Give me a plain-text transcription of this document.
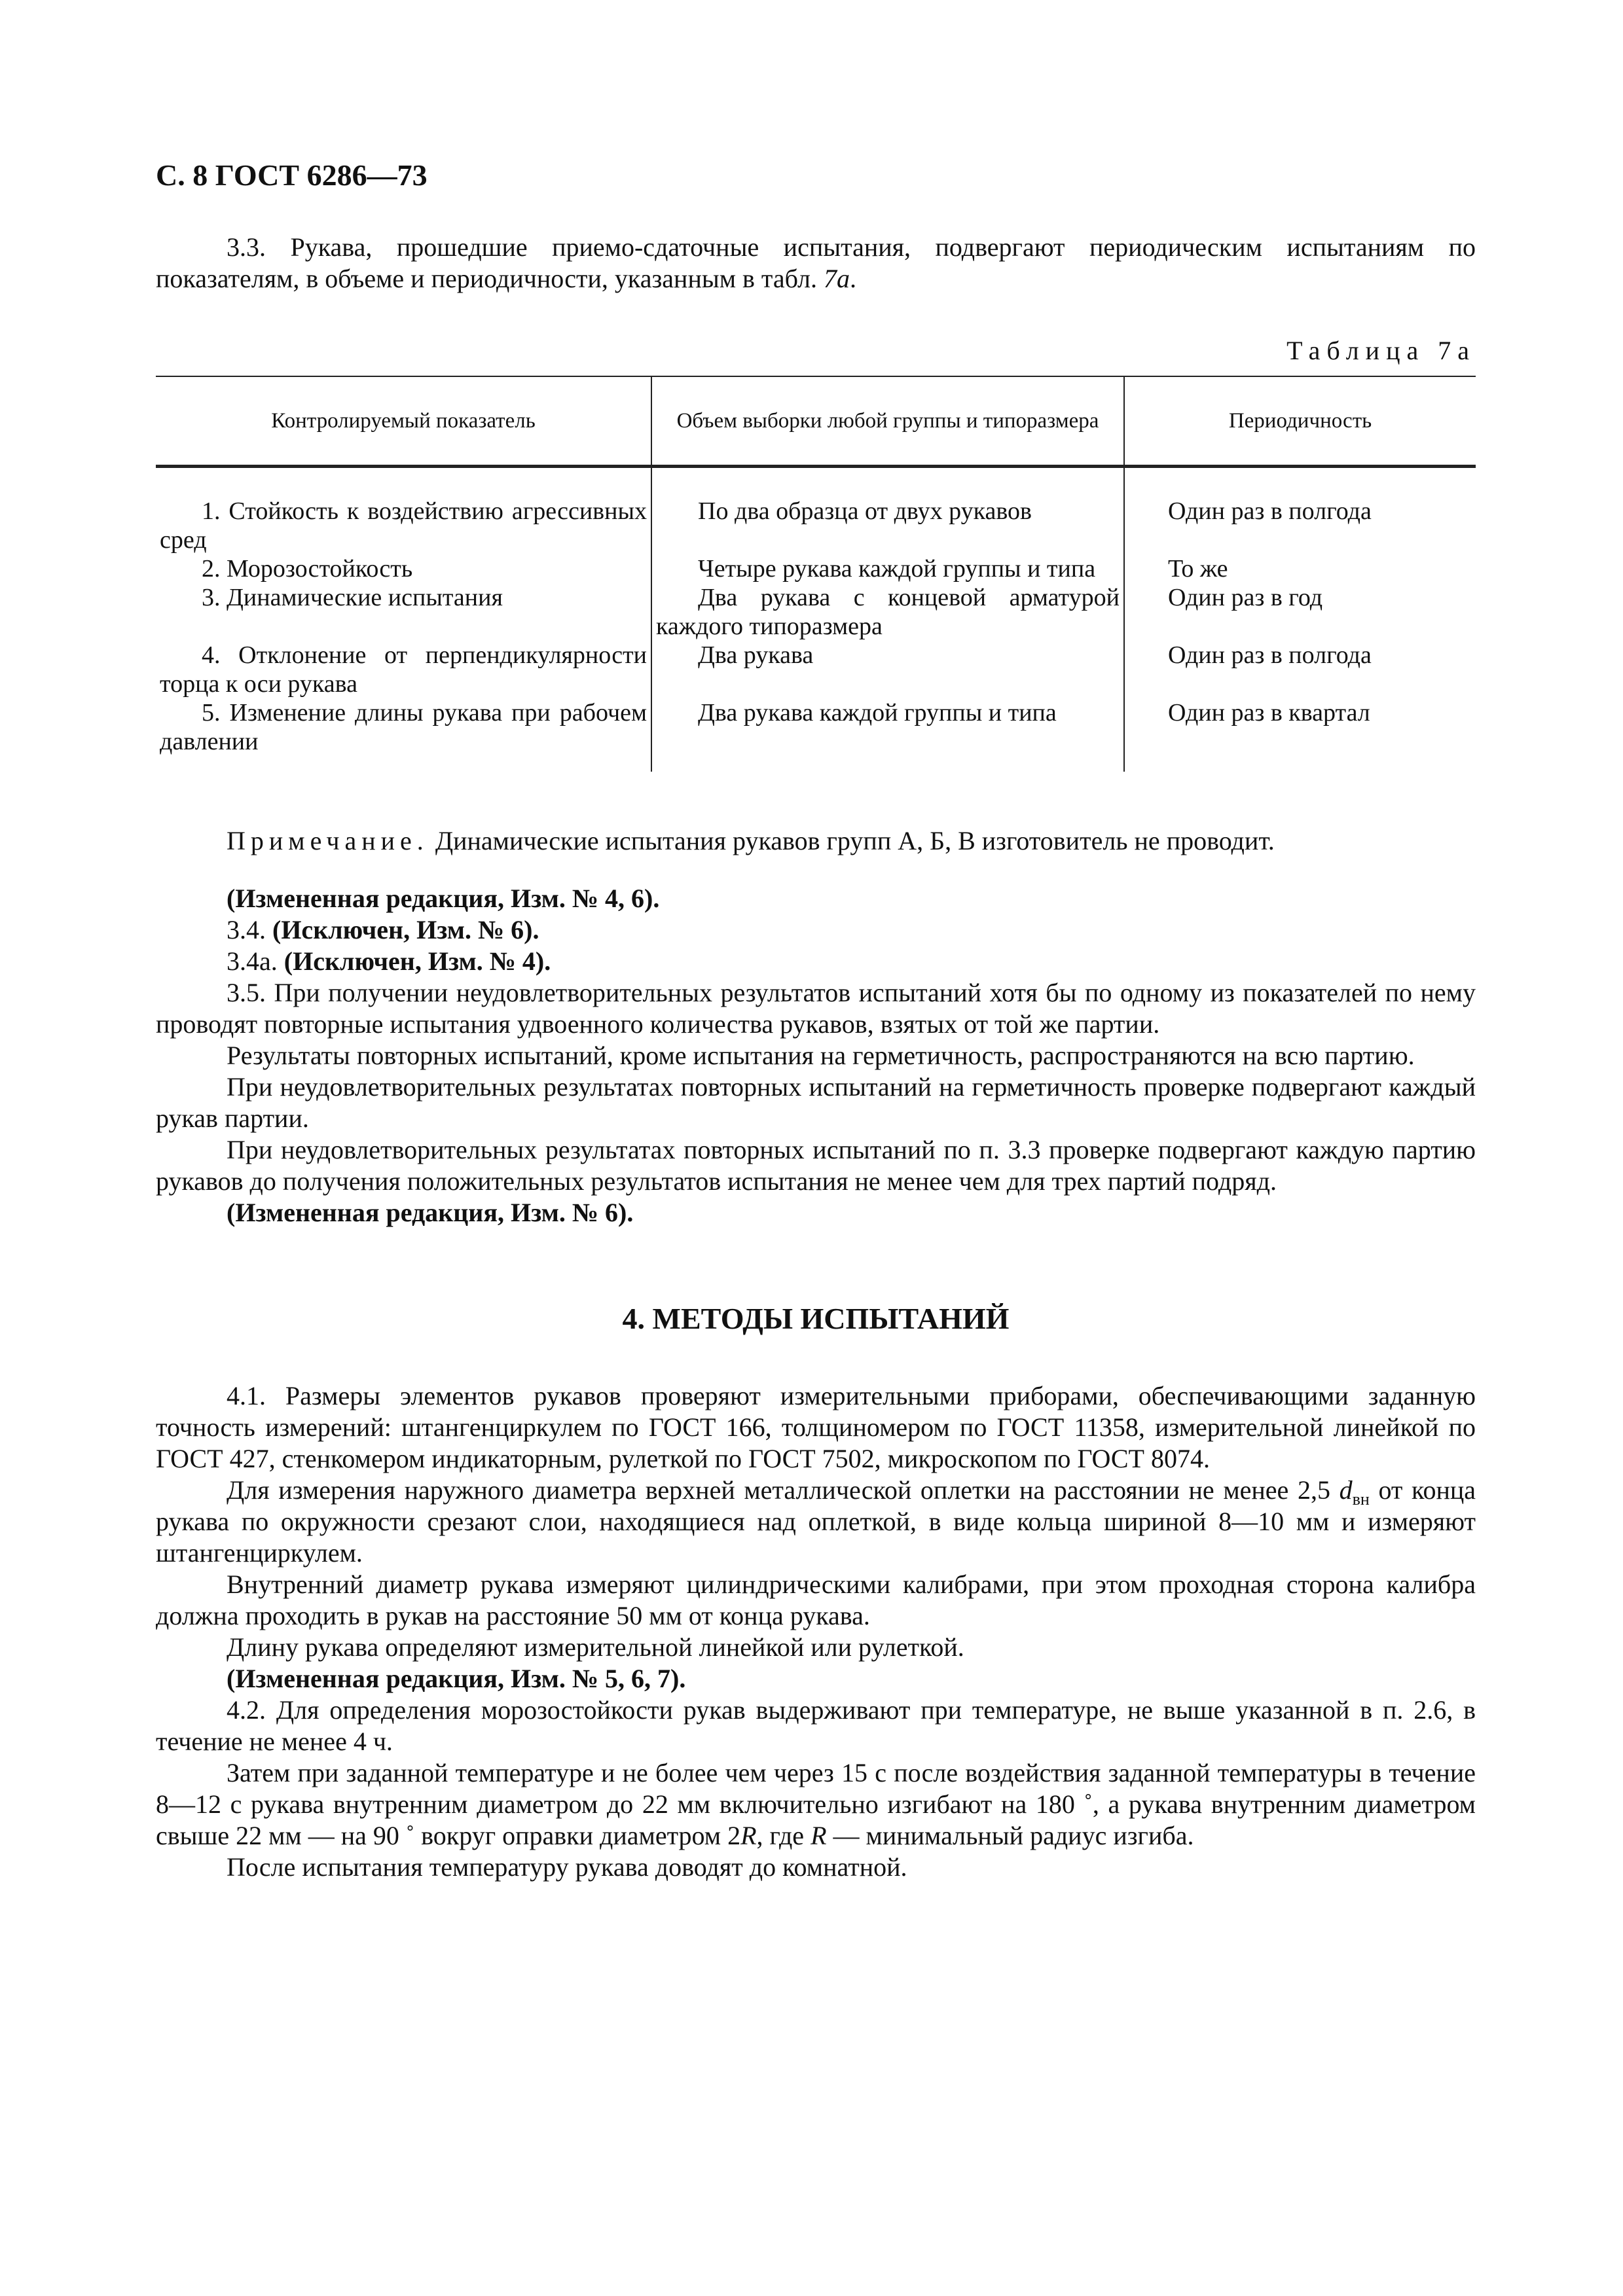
С. 8 ГОСТ 6286—73

3.3. Рукава, прошедшие приемо-сдаточные испытания, подвергают периодическим испытаниям по показателям, в объеме и периодичности, указанным в табл. 7а.

Таблица 7а
Контролируемый показатель	Объем выборки любой группы и типоразмера	Периодичность
1. Стойкость к воздействию агрессивных сред	По два образца от двух рукавов	Один раз в полгода
2. Морозостойкость	Четыре рукава каждой группы и типа	То же
3. Динамические испытания	Два рукава с концевой арматурой каждого типоразмера	Один раз в год
4. Отклонение от перпендикулярности торца к оси рукава	Два рукава	Один раз в полгода
5. Изменение длины рукава при рабочем давлении	Два рукава каждой группы и типа	Один раз в квартал

Примечание. Динамические испытания рукавов групп А, Б, В изготовитель не проводит.

(Измененная редакция, Изм. № 4, 6).

3.4. (Исключен, Изм. № 6).

3.4а. (Исключен, Изм. № 4).

3.5. При получении неудовлетворительных результатов испытаний хотя бы по одному из показателей по нему проводят повторные испытания удвоенного количества рукавов, взятых от той же партии.

Результаты повторных испытаний, кроме испытания на герметичность, распространяются на всю партию.

При неудовлетворительных результатах повторных испытаний на герметичность проверке подвергают каждый рукав партии.

При неудовлетворительных результатах повторных испытаний по п. 3.3 проверке подвергают каждую партию рукавов до получения положительных результатов испытания не менее чем для трех партий подряд.

(Измененная редакция, Изм. № 6).

4. МЕТОДЫ ИСПЫТАНИЙ

4.1. Размеры элементов рукавов проверяют измерительными приборами, обеспечивающими заданную точность измерений: штангенциркулем по ГОСТ 166, толщиномером по ГОСТ 11358, измерительной линейкой по ГОСТ 427, стенкомером индикаторным, рулеткой по ГОСТ 7502, микроскопом по ГОСТ 8074.

Для измерения наружного диаметра верхней металлической оплетки на расстоянии не менее 2,5 $d_{вн}$ от конца рукава по окружности срезают слои, находящиеся над оплеткой, в виде кольца шириной 8—10 мм и измеряют штангенциркулем.

Внутренний диаметр рукава измеряют цилиндрическими калибрами, при этом проходная сторона калибра должна проходить в рукав на расстояние 50 мм от конца рукава.

Длину рукава определяют измерительной линейкой или рулеткой.

(Измененная редакция, Изм. № 5, 6, 7).

4.2. Для определения морозостойкости рукав выдерживают при температуре, не выше указанной в п. 2.6, в течение не менее 4 ч.

Затем при заданной температуре и не более чем через 15 с после воздействия заданной температуры в течение 8—12 с рукава внутренним диаметром до 22 мм включительно изгибают на 180 ˚, а рукава внутренним диаметром свыше 22 мм — на 90 ˚ вокруг оправки диаметром 2R, где R — минимальный радиус изгиба.

После испытания температуру рукава доводят до комнатной.
